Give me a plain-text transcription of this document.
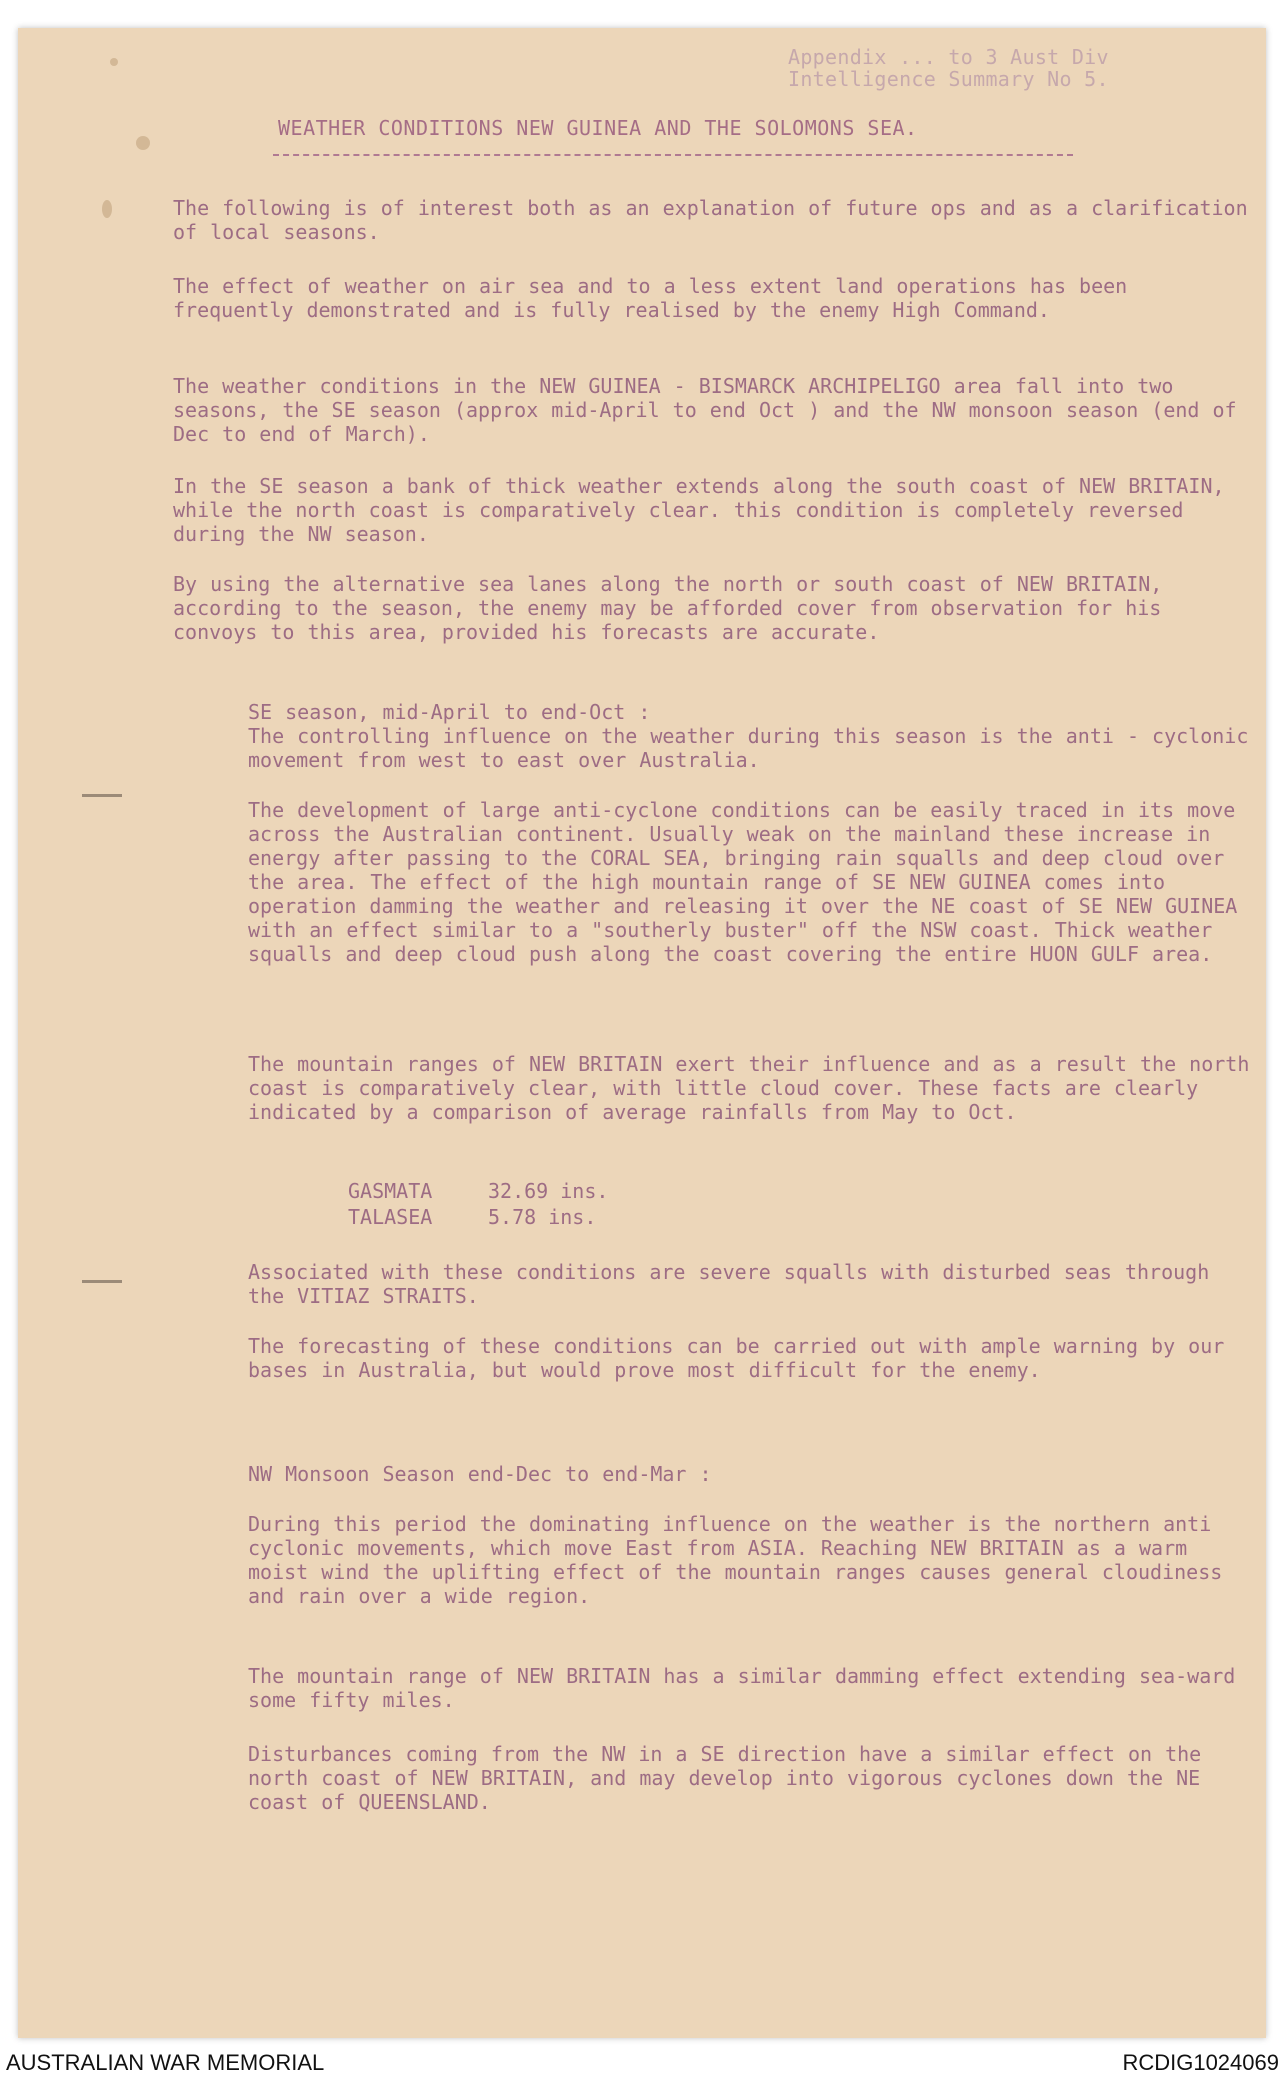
Appendix ... to 3 Aust Div
Intelligence Summary No 5.
WEATHER CONDITIONS NEW GUINEA AND THE SOLOMONS SEA.
The following is of interest both as an explanation of future ops and as a clarification of local seasons.
The effect of weather on air sea and to a less extent land operations has been frequently demonstrated and is fully realised by the enemy High Command.
The weather conditions in the NEW GUINEA - BISMARCK ARCHIPELIGO area fall into two seasons, the SE season (approx mid-April to end Oct ) and the NW monsoon season (end of Dec to end of March).
In the SE season a bank of thick weather extends along the south coast of NEW BRITAIN, while the north coast is comparatively clear. this condition is completely reversed during the NW season.
By using the alternative sea lanes along the north or south coast of NEW BRITAIN, according to the season, the enemy may be afforded cover from observation for his convoys to this area, provided his forecasts are accurate.
SE season, mid-April to end-Oct :
The controlling influence on the weather during this season is the anti - cyclonic movement from west to east over Australia.
The development of large anti-cyclone conditions can be easily traced in its move across the Australian continent. Usually weak on the mainland these increase in energy after passing to the CORAL SEA, bringing rain squalls and deep cloud over the area. The effect of the high mountain range of SE NEW GUINEA comes into operation damming the weather and releasing it over the NE coast of SE NEW GUINEA with an effect similar to a "southerly buster" off the NSW coast. Thick weather squalls and deep cloud push along the coast covering the entire HUON GULF area.
The mountain ranges of NEW BRITAIN exert their influence and as a result the north coast is comparatively clear, with little cloud cover. These facts are clearly indicated by a comparison of average rainfalls from May to Oct.
GASMATA	32.69 ins.
TALASEA	5.78 ins.
Associated with these conditions are severe squalls with disturbed seas through the VITIAZ STRAITS.
The forecasting of these conditions can be carried out with ample warning by our bases in Australia, but would prove most difficult for the enemy.
NW Monsoon Season end-Dec to end-Mar :
During this period the dominating influence on the weather is the northern anti cyclonic movements, which move East from ASIA. Reaching NEW BRITAIN as a warm moist wind the uplifting effect of the mountain ranges causes general cloudiness and rain over a wide region.
The mountain range of NEW BRITAIN has a similar damming effect extending sea-ward some fifty miles.
Disturbances coming from the NW in a SE direction have a similar effect on the north coast of NEW BRITAIN, and may develop into vigorous cyclones down the NE coast of QUEENSLAND.
AUSTRALIAN WAR MEMORIAL	RCDIG1024069
